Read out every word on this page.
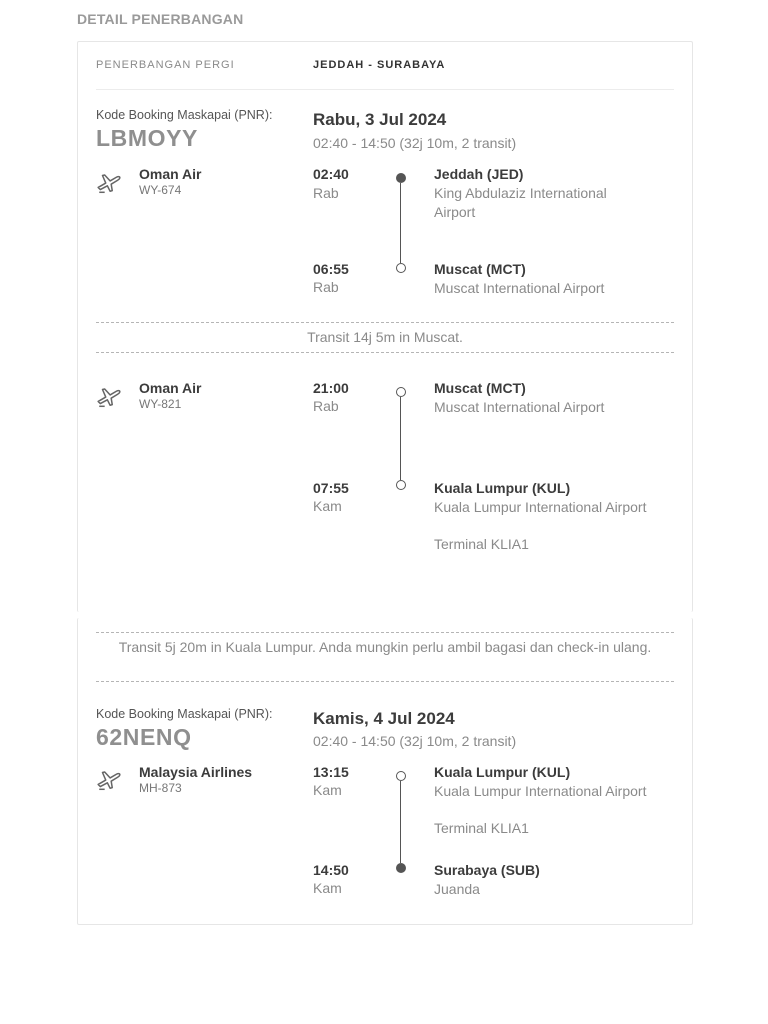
DETAIL PENERBANGAN
PENERBANGAN PERGI	JEDDAH - SURABAYA
Kode Booking Maskapai (PNR):
LBMOYY
Rabu, 3 Jul 2024
02:40 - 14:50 (32j 10m, 2 transit)
Oman Air
WY-674
02:40
Rab
Jeddah (JED)
King Abdulaziz International Airport
06:55
Rab
Muscat (MCT)
Muscat International Airport
Transit 14j 5m in Muscat.
Oman Air
WY-821
21:00
Rab
Muscat (MCT)
Muscat International Airport
07:55
Kam
Kuala Lumpur (KUL)
Kuala Lumpur International Airport
Terminal KLIA1
Transit 5j 20m in Kuala Lumpur. Anda mungkin perlu ambil bagasi dan check-in ulang.
Kode Booking Maskapai (PNR):
62NENQ
Kamis, 4 Jul 2024
02:40 - 14:50 (32j 10m, 2 transit)
Malaysia Airlines
MH-873
13:15
Kam
Kuala Lumpur (KUL)
Kuala Lumpur International Airport
Terminal KLIA1
14:50
Kam
Surabaya (SUB)
Juanda
